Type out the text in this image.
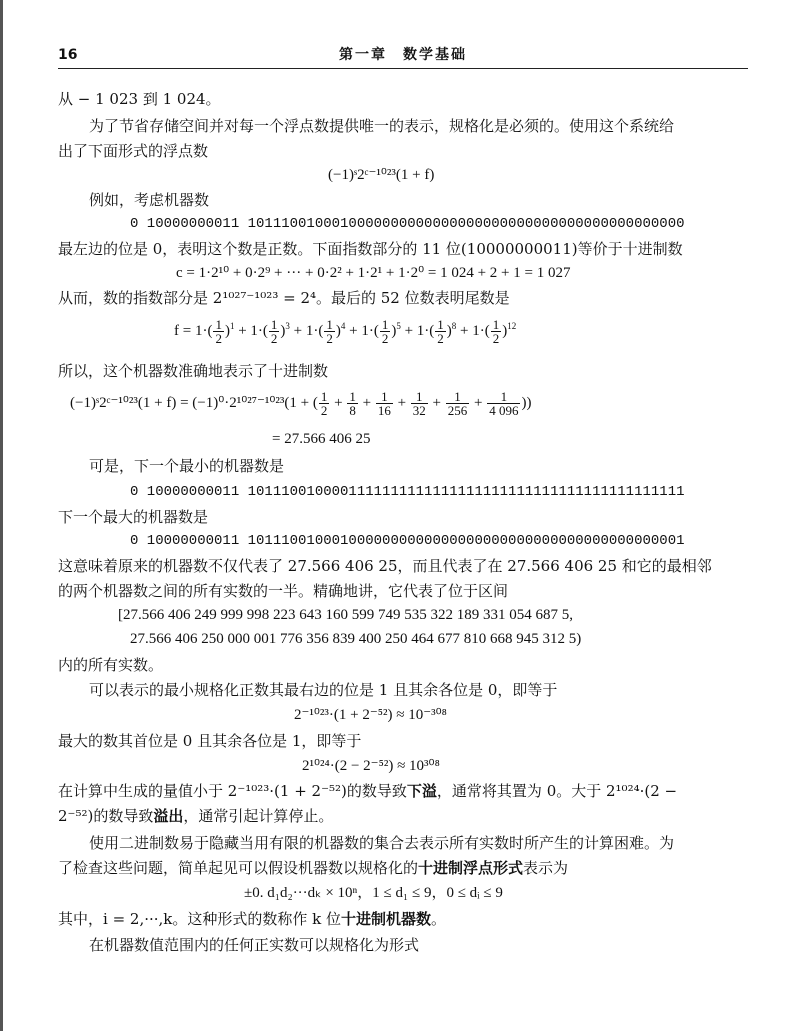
16	第一章　数学基础
从 − 1 023 到 1 024。
为了节省存储空间并对每一个浮点数提供唯一的表示，规格化是必须的。使用这个系统给
出了下面形式的浮点数
(−1)ˢ2ᶜ⁻¹⁰²³(1 + f)
例如，考虑机器数
0 10000000011 1011100100010000000000000000000000000000000000000000
最左边的位是 0，表明这个数是正数。下面指数部分的 11 位(10000000011)等价于十进制数
c = 1·2¹⁰ + 0·2⁹ + ··· + 0·2² + 1·2¹ + 1·2⁰ = 1 024 + 2 + 1 = 1 027
从而，数的指数部分是 2¹⁰²⁷⁻¹⁰²³ = 2⁴。最后的 52 位数表明尾数是
$f = 1\cdot( \frac{1}{2} )^1 + 1\cdot( \frac{1}{2} )^3 + 1\cdot( \frac{1}{2} )^4 + 1\cdot( \frac{1}{2} )^5 + 1\cdot( \frac{1}{2} )^8 + 1\cdot( \frac{1}{2} )^{12}$
所以，这个机器数准确地表示了十进制数
(−1)ˢ2ᶜ⁻¹⁰²³(1 + f) = (−1)⁰·2¹⁰²⁷⁻¹⁰²³(1 + ( $\frac{1}{2} + \frac{1}{8} + \frac{1}{16} + \frac{1}{32} + \frac{1}{256} + \frac{1}{4 096}$ ))
= 27.566 406 25
可是，下一个最小的机器数是
0 10000000011 1011100100001111111111111111111111111111111111111111
下一个最大的机器数是
0 10000000011 1011100100010000000000000000000000000000000000000001
这意味着原来的机器数不仅代表了 27.566 406 25，而且代表了在 27.566 406 25 和它的最相邻
的两个机器数之间的所有实数的一半。精确地讲，它代表了位于区间
[27.566 406 249 999 998 223 643 160 599 749 535 322 189 331 054 687 5,
27.566 406 250 000 001 776 356 839 400 250 464 677 810 668 945 312 5)
内的所有实数。
可以表示的最小规格化正数其最右边的位是 1 且其余各位是 0，即等于
2⁻¹⁰²³·(1 + 2⁻⁵²) ≈ 10⁻³⁰⁸
最大的数其首位是 0 且其余各位是 1，即等于
2¹⁰²⁴·(2 − 2⁻⁵²) ≈ 10³⁰⁸
在计算中生成的量值小于 2⁻¹⁰²³·(1 + 2⁻⁵²)的数导致下溢，通常将其置为 0。大于 2¹⁰²⁴·(2 −
2⁻⁵²)的数导致溢出，通常引起计算停止。
使用二进制数易于隐藏当用有限的机器数的集合去表示所有实数时所产生的计算困难。为
了检查这些问题，简单起见可以假设机器数以规格化的十进制浮点形式表示为
±0. d₁d₂···dₖ × 10ⁿ，1 ≤ d₁ ≤ 9，0 ≤ dᵢ ≤ 9
其中，i = 2,···,k。这种形式的数称作 k 位十进制机器数。
在机器数值范围内的任何正实数可以规格化为形式
